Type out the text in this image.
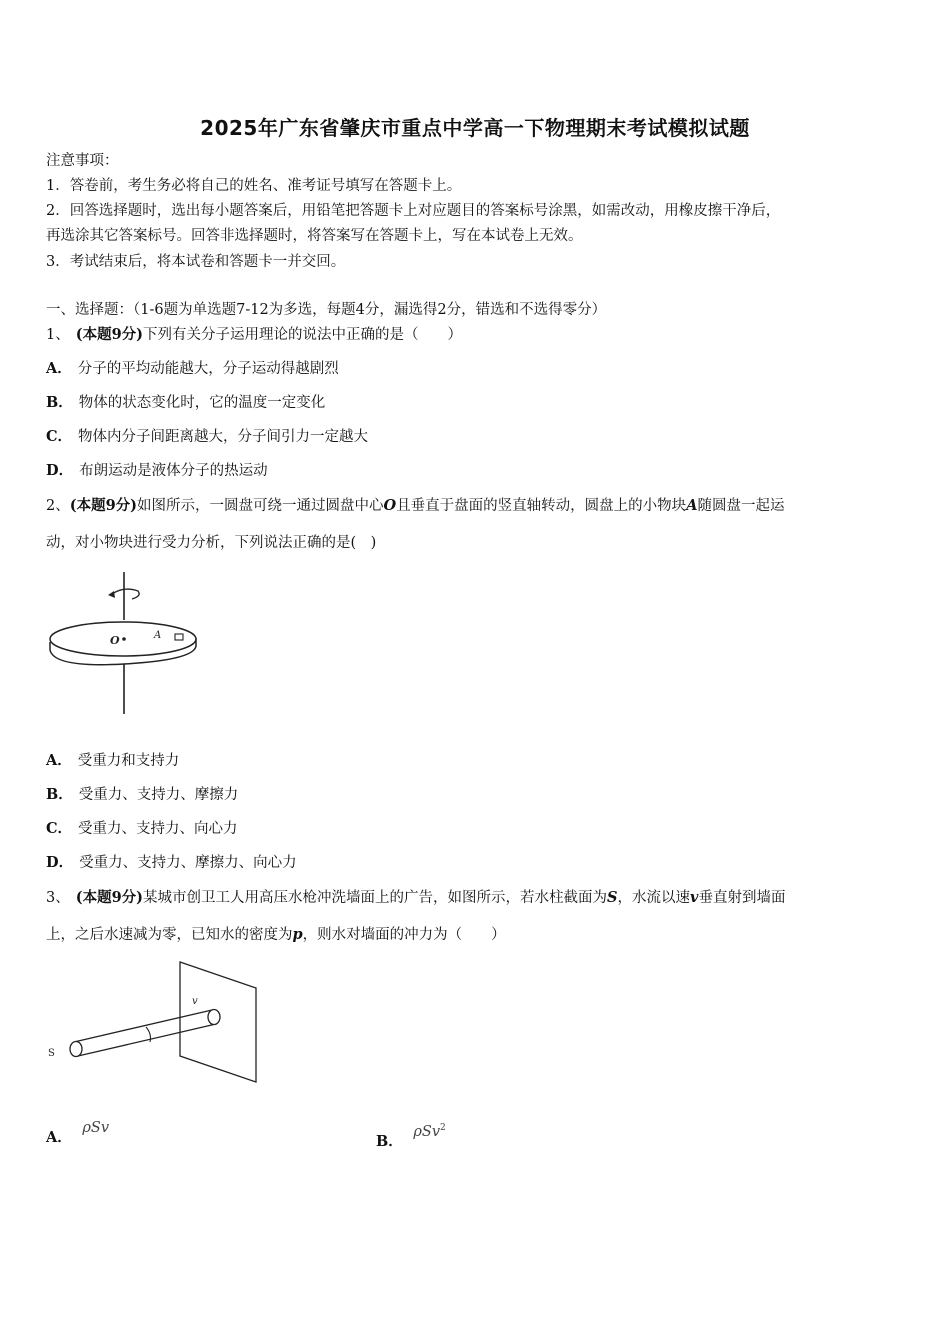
2025年广东省肇庆市重点中学高一下物理期末考试模拟试题
注意事项：
1．答卷前，考生务必将自己的姓名、准考证号填写在答题卡上。
2．回答选择题时，选出每小题答案后，用铅笔把答题卡上对应题目的答案标号涂黑，如需改动，用橡皮擦干净后，
再选涂其它答案标号。回答非选择题时，将答案写在答题卡上，写在本试卷上无效。
3．考试结束后，将本试卷和答题卡一并交回。
一、选择题：（1-6题为单选题7-12为多选，每题4分，漏选得2分，错选和不选得零分）
1、 (本题9分)下列有关分子运用理论的说法中正确的是（　　）
A． 分子的平均动能越大，分子运动得越剧烈
B． 物体的状态变化时，它的温度一定变化
C． 物体内分子间距离越大，分子间引力一定越大
D． 布朗运动是液体分子的热运动
2、(本题9分)如图所示，一圆盘可绕一通过圆盘中心O且垂直于盘面的竖直轴转动，圆盘上的小物块A随圆盘一起运
动，对小物块进行受力分析，下列说法正确的是(　)
O	A
A． 受重力和支持力
B． 受重力、支持力、摩擦力
C． 受重力、支持力、向心力
D． 受重力、支持力、摩擦力、向心力
3、 (本题9分)某城市创卫工人用高压水枪冲洗墙面上的广告，如图所示，若水柱截面为S，水流以速v垂直射到墙面
上，之后水速减为零，已知水的密度为p，则水对墙面的冲力为（　　）
S
v
A． ρSv
B． ρSv$^2$
